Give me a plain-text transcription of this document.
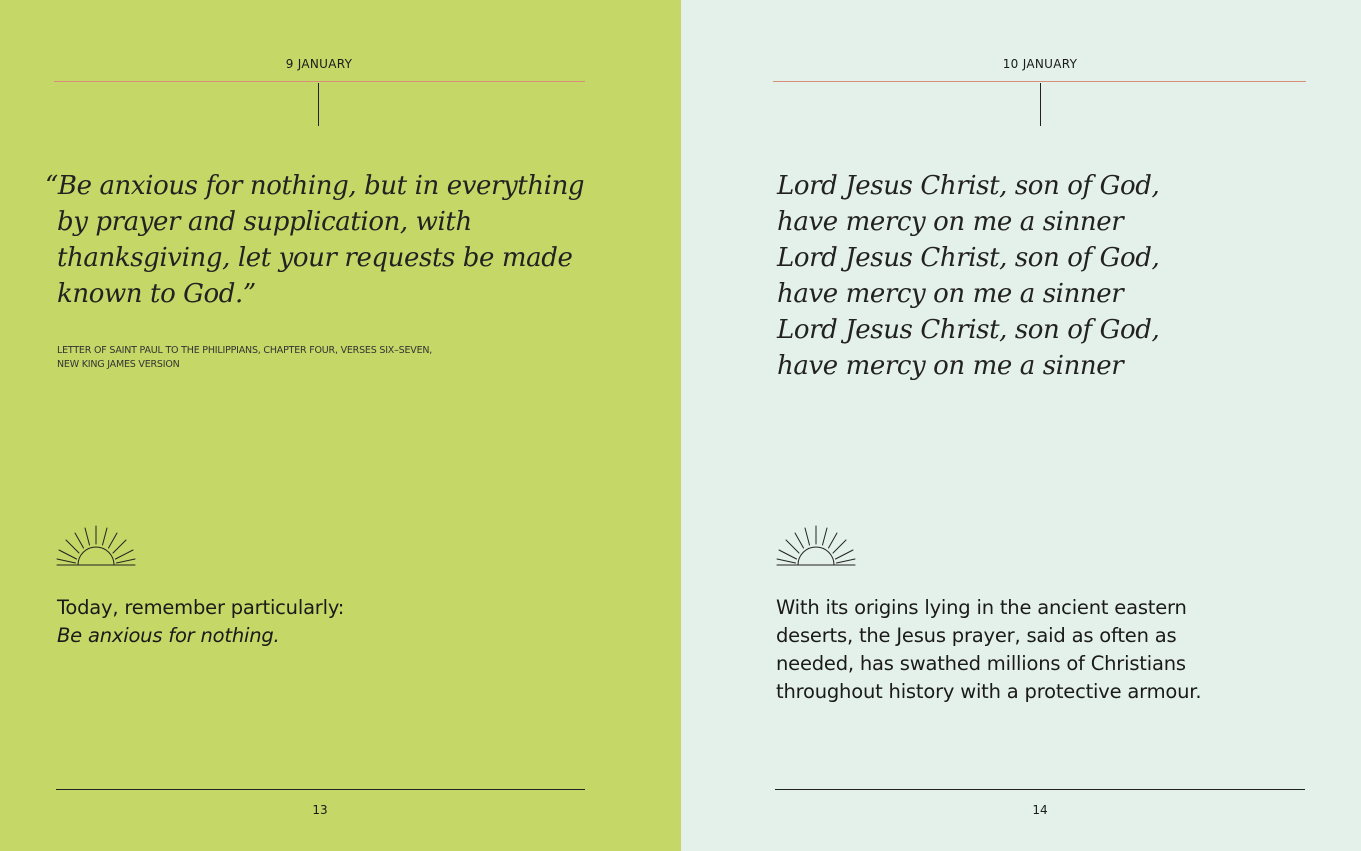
9 JANUARY

“Be anxious for nothing, but in everything
by prayer and supplication, with
thanksgiving, let your requests be made
known to God.”

LETTER OF SAINT PAUL TO THE PHILIPPIANS, CHAPTER FOUR, VERSES SIX–SEVEN,
NEW KING JAMES VERSION

Today, remember particularly:
Be anxious for nothing.

13
10 JANUARY

Lord Jesus Christ, son of God,
have mercy on me a sinner
Lord Jesus Christ, son of God,
have mercy on me a sinner
Lord Jesus Christ, son of God,
have mercy on me a sinner

With its origins lying in the ancient eastern
deserts, the Jesus prayer, said as often as
needed, has swathed millions of Christians
throughout history with a protective armour.

14
